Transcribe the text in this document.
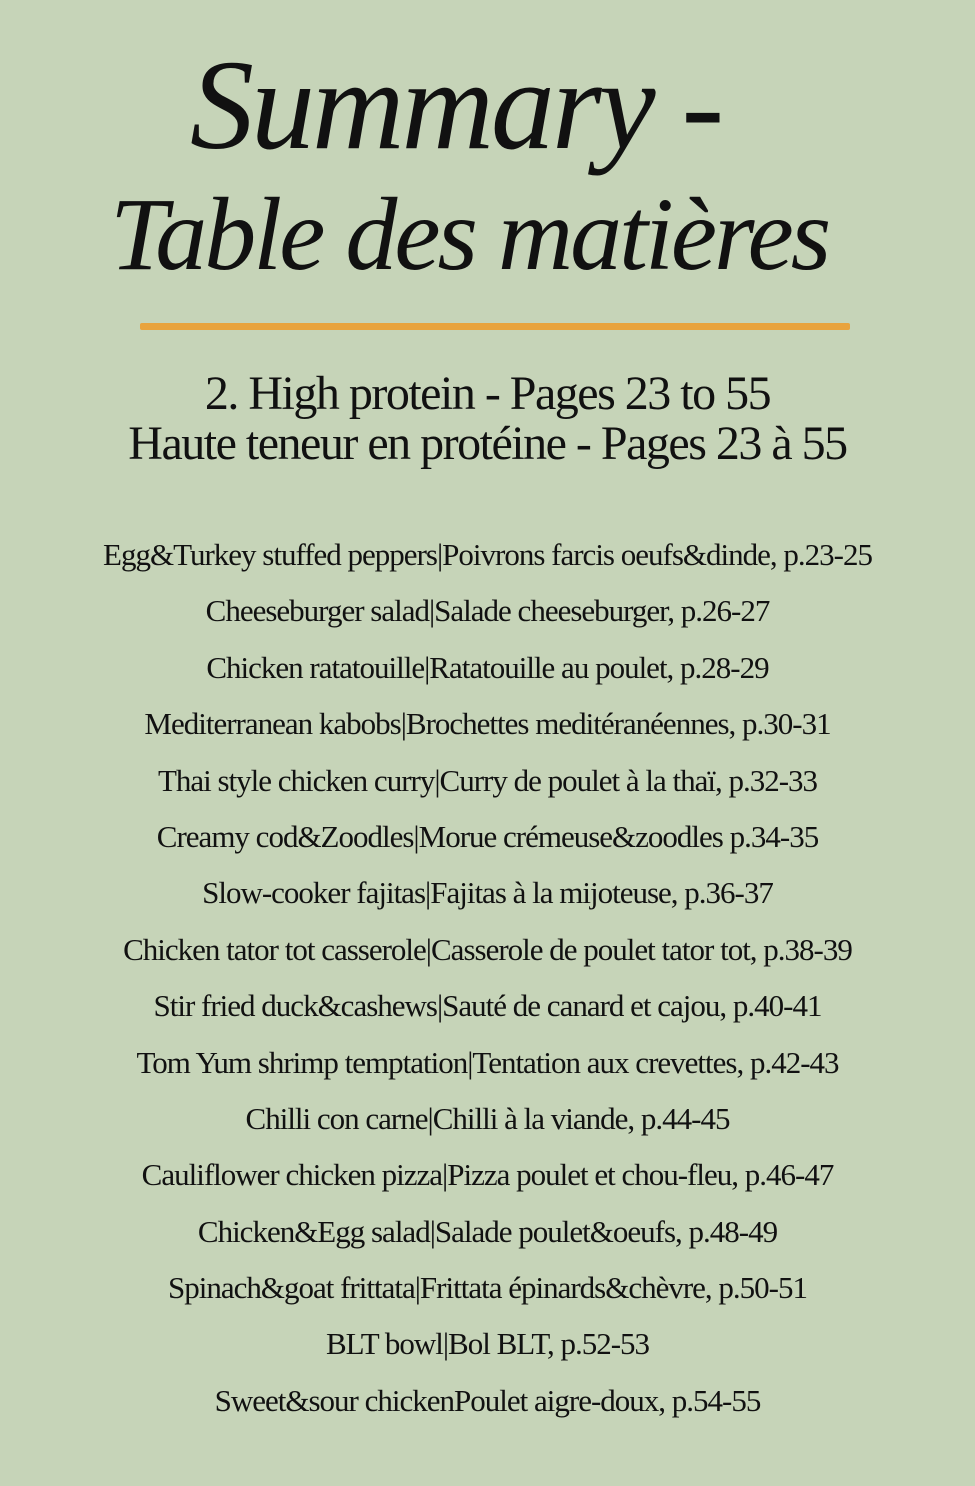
Summary -
Table des matières
2. High protein - Pages 23 to 55
Haute teneur en protéine - Pages 23 à 55
Egg&Turkey stuffed peppers|Poivrons farcis oeufs&dinde, p.23-25
Cheeseburger salad|Salade cheeseburger, p.26-27
Chicken ratatouille|Ratatouille au poulet, p.28-29
Mediterranean kabobs|Brochettes meditéranéennes, p.30-31
Thai style chicken curry|Curry de poulet à la thaï, p.32-33
Creamy cod&Zoodles|Morue crémeuse&zoodles p.34-35
Slow-cooker fajitas|Fajitas à la mijoteuse, p.36-37
Chicken tator tot casserole|Casserole de poulet tator tot, p.38-39
Stir fried duck&cashews|Sauté de canard et cajou, p.40-41
Tom Yum shrimp temptation|Tentation aux crevettes, p.42-43
Chilli con carne|Chilli à la viande, p.44-45
Cauliflower chicken pizza|Pizza poulet et chou-fleu, p.46-47
Chicken&Egg salad|Salade poulet&oeufs, p.48-49
Spinach&goat frittata|Frittata épinards&chèvre, p.50-51
BLT bowl|Bol BLT, p.52-53
Sweet&sour chickenPoulet aigre-doux, p.54-55
